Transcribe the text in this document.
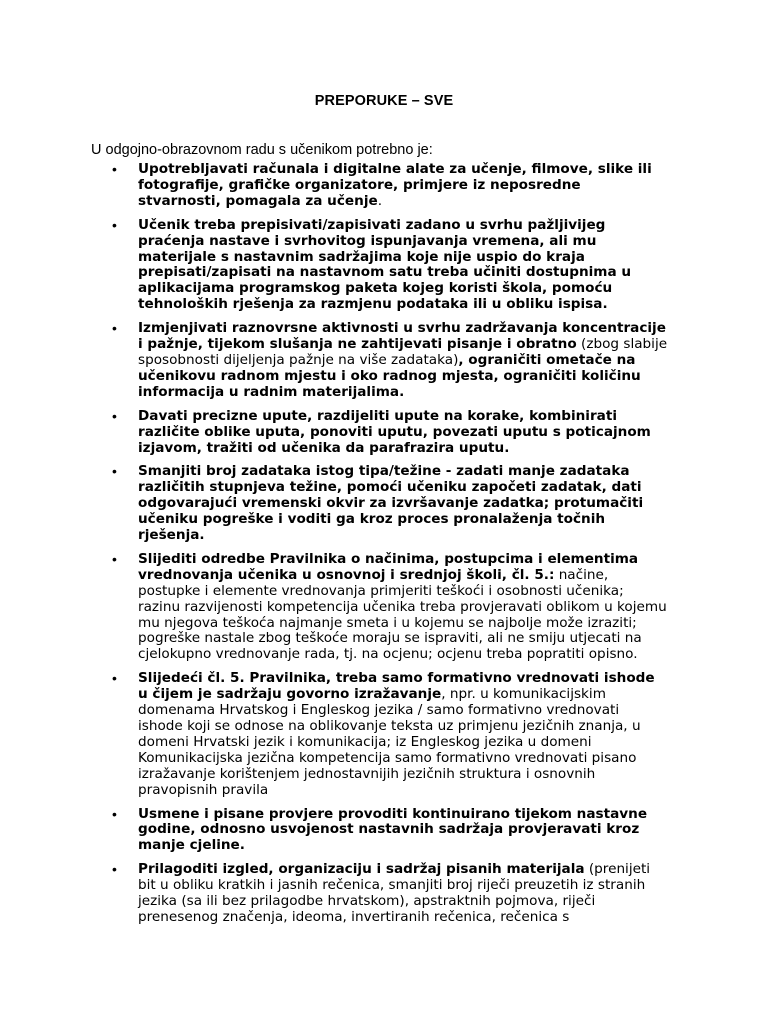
PREPORUKE – SVE
U odgojno-obrazovnom radu s učenikom potrebno je:
• Upotrebljavati računala i digitalne alate za učenje, filmove, slike ili fotografije, grafičke organizatore, primjere iz neposredne stvarnosti, pomagala za učenje.
• Učenik treba prepisivati/zapisivati zadano u svrhu pažljivijeg praćenja nastave i svrhovitog ispunjavanja vremena, ali mu materijale s nastavnim sadržajima koje nije uspio do kraja prepisati/zapisati na nastavnom satu treba učiniti dostupnima u aplikacijama programskog paketa kojeg koristi škola, pomoću tehnoloških rješenja za razmjenu podataka ili u obliku ispisa.
• Izmjenjivati raznovrsne aktivnosti u svrhu zadržavanja koncentracije i pažnje, tijekom slušanja ne zahtijevati pisanje i obratno (zbog slabije sposobnosti dijeljenja pažnje na više zadataka), ograničiti ometače na učenikovu radnom mjestu i oko radnog mjesta, ograničiti količinu informacija u radnim materijalima.
• Davati precizne upute, razdijeliti upute na korake, kombinirati različite oblike uputa, ponoviti uputu, povezati uputu s poticajnom izjavom, tražiti od učenika da parafrazira uputu.
• Smanjiti broj zadataka istog tipa/težine - zadati manje zadataka različitih stupnjeva težine, pomoći učeniku započeti zadatak, dati odgovarajući vremenski okvir za izvršavanje zadatka; protumačiti učeniku pogreške i voditi ga kroz proces pronalaženja točnih rješenja.
• Slijediti odredbe Pravilnika o načinima, postupcima i elementima vrednovanja učenika u osnovnoj i srednjoj školi, čl. 5.: načine, postupke i elemente vrednovanja primjeriti teškoći i osobnosti učenika; razinu razvijenosti kompetencija učenika treba provjeravati oblikom u kojemu mu njegova teškoća najmanje smeta i u kojemu se najbolje može izraziti; pogreške nastale zbog teškoće moraju se ispraviti, ali ne smiju utjecati na cjelokupno vrednovanje rada, tj. na ocjenu; ocjenu treba popratiti opisno.
• Slijedeći čl. 5. Pravilnika, treba samo formativno vrednovati ishode u čijem je sadržaju govorno izražavanje, npr. u komunikacijskim domenama Hrvatskog i Engleskog jezika / samo formativno vrednovati ishode koji se odnose na oblikovanje teksta uz primjenu jezičnih znanja, u domeni Hrvatski jezik i komunikacija; iz Engleskog jezika u domeni Komunikacijska jezična kompetencija samo formativno vrednovati pisano izražavanje korištenjem jednostavnijih jezičnih struktura i osnovnih pravopisnih pravila
• Usmene i pisane provjere provoditi kontinuirano tijekom nastavne godine, odnosno usvojenost nastavnih sadržaja provjeravati kroz manje cjeline.
• Prilagoditi izgled, organizaciju i sadržaj pisanih materijala (prenijeti bit u obliku kratkih i jasnih rečenica, smanjiti broj riječi preuzetih iz stranih jezika (sa ili bez prilagodbe hrvatskom), apstraktnih pojmova, riječi prenesenog značenja, ideoma, invertiranih rečenica, rečenica s
